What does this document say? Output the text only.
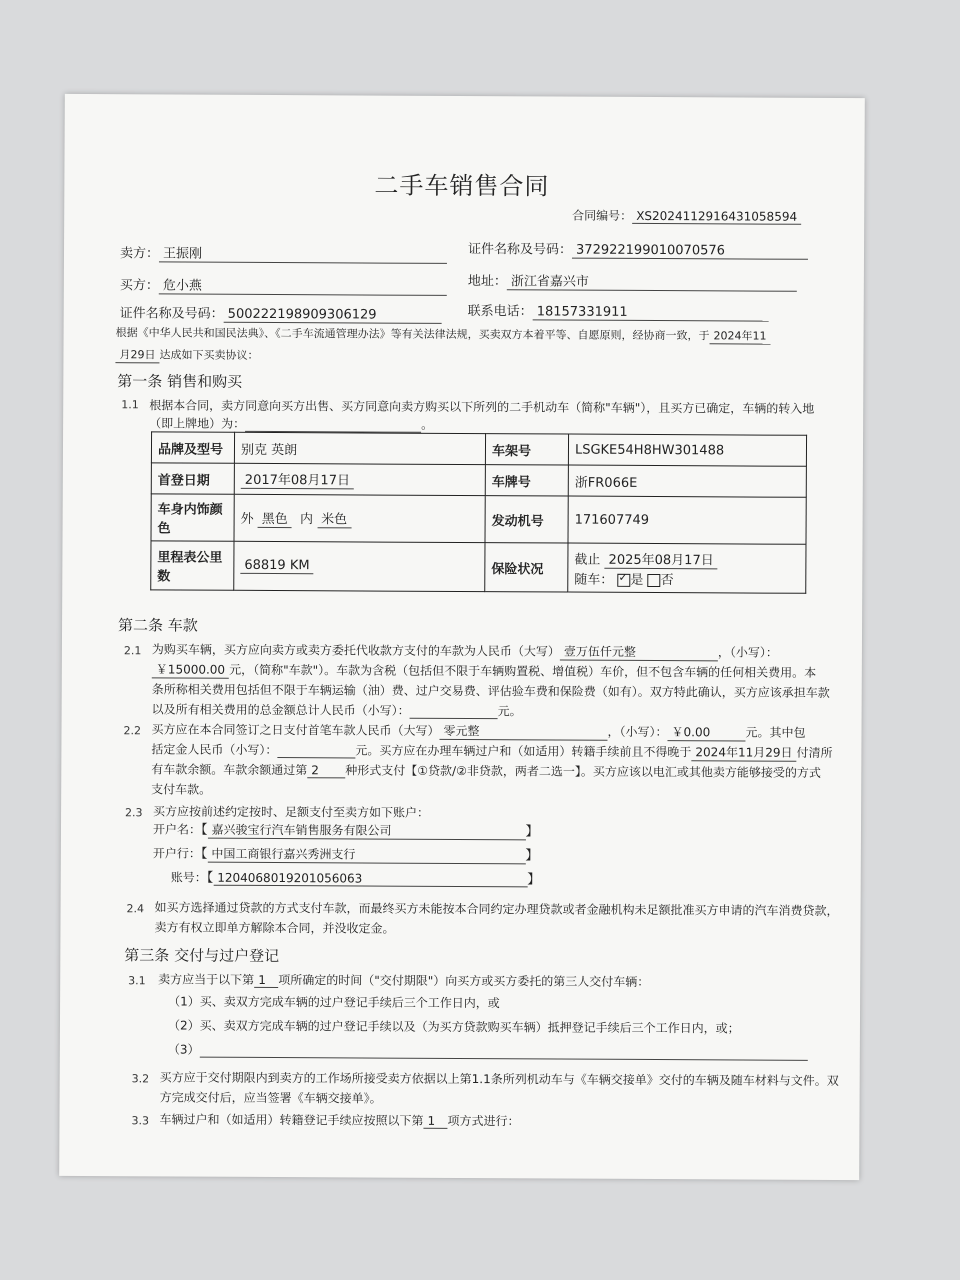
二手车销售合同
合同编号： XS2024112916431058594
卖方： 王振刚	证件名称及号码： 372922199010070576
买方： 危小燕	地址： 浙江省嘉兴市
证件名称及号码： 500222198909306129	联系电话： 18157331911
根据《中华人民共和国民法典》、《二手车流通管理办法》等有关法律法规，买卖双方本着平等、自愿原则，经协商一致，于 2024年11
月29日 达成如下买卖协议：
第一条 销售和购买
1.1 根据本合同，卖方同意向买方出售、买方同意向卖方购买以下所列的二手机动车（简称"车辆"），且买方已确定，车辆的转入地
（即上牌地）为：	。
品牌及型号	别克 英朗	车架号	LSGKE54H8HW301488
首登日期	2017年08月17日	车牌号	浙FR066E
车身内饰颜色	外 黑色 内 米色	发动机号	171607749
里程表公里数	68819 KM	保险状况	截止 2025年08月17日
随车： ✓ 是 否
第二条 车款
2.1 为购买车辆，买方应向卖方或卖方委托代收款方支付的车款为人民币（大写） 壹万伍仟元整	，（小写）：
￥15000.00 元，（简称"车款"）。车款为含税（包括但不限于车辆购置税、增值税）车价，但不包含车辆的任何相关费用。本
条所称相关费用包括但不限于车辆运输（油）费、过户交易费、评估验车费和保险费（如有）。双方特此确认，买方应该承担车款
以及所有相关费用的总金额总计人民币（小写）：	元。
2.2 买方应在本合同签订之日支付首笔车款人民币（大写） 零元整	，（小写）： ￥0.00	元。其中包
括定金人民币（小写）：	元。买方应在办理车辆过户和（如适用）转籍手续前且不得晚于 2024年11月29日 付清所
有车款余额。车款余额通过第 2 种形式支付【①贷款/②非贷款，两者二选一】。买方应该以电汇或其他卖方能够接受的方式
支付车款。
2.3 买方应按前述约定按时、足额支付至卖方如下账户：
开户名：【 嘉兴骏宝行汽车销售服务有限公司	】
开户行：【 中国工商银行嘉兴秀洲支行	】
账号：【 1204068019201056063	】
2.4 如买方选择通过贷款的方式支付车款，而最终买方未能按本合同约定办理贷款或者金融机构未足额批准买方申请的汽车消费贷款，
卖方有权立即单方解除本合同，并没收定金。
第三条 交付与过户登记
3.1 卖方应当于以下第 1 项所确定的时间（"交付期限"）向买方或买方委托的第三人交付车辆：
（1）买、卖双方完成车辆的过户登记手续后三个工作日内，或
（2）买、卖双方完成车辆的过户登记手续以及（为买方贷款购买车辆）抵押登记手续后三个工作日内，或；
（3）
3.2 买方应于交付期限内到卖方的工作场所接受卖方依据以上第1.1条所列机动车与《车辆交接单》交付的车辆及随车材料与文件。双
方完成交付后，应当签署《车辆交接单》。
3.3 车辆过户和（如适用）转籍登记手续应按照以下第 1 项方式进行：
